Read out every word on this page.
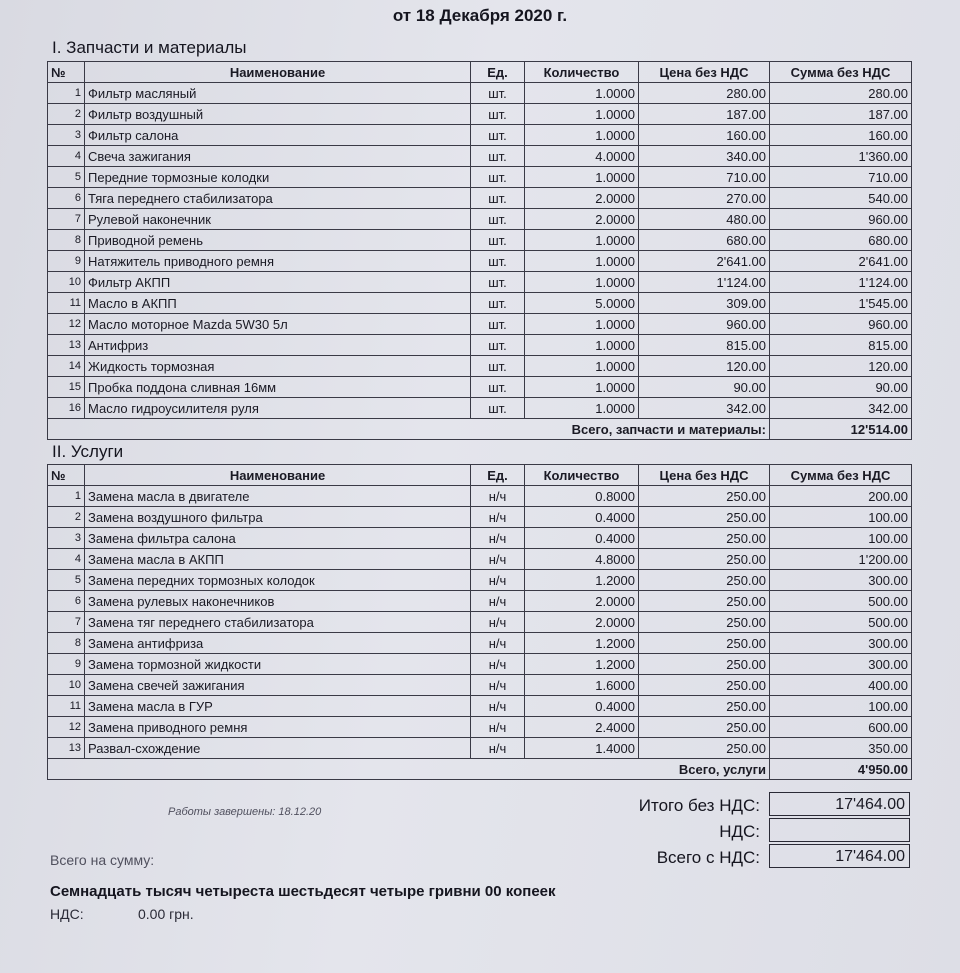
от 18 Декабря 2020 г.
I. Запчасти и материалы
№	Наименование	Ед.	Количество	Цена без НДС	Сумма без НДС
1	Фильтр масляный	шт.	1.0000	280.00	280.00
2	Фильтр воздушный	шт.	1.0000	187.00	187.00
3	Фильтр салона	шт.	1.0000	160.00	160.00
4	Свеча зажигания	шт.	4.0000	340.00	1'360.00
5	Передние тормозные колодки	шт.	1.0000	710.00	710.00
6	Тяга переднего стабилизатора	шт.	2.0000	270.00	540.00
7	Рулевой наконечник	шт.	2.0000	480.00	960.00
8	Приводной ремень	шт.	1.0000	680.00	680.00
9	Натяжитель приводного ремня	шт.	1.0000	2'641.00	2'641.00
10	Фильтр АКПП	шт.	1.0000	1'124.00	1'124.00
11	Масло в АКПП	шт.	5.0000	309.00	1'545.00
12	Масло моторное Mazda 5W30 5л	шт.	1.0000	960.00	960.00
13	Антифриз	шт.	1.0000	815.00	815.00
14	Жидкость тормозная	шт.	1.0000	120.00	120.00
15	Пробка поддона сливная 16мм	шт.	1.0000	90.00	90.00
16	Масло гидроусилителя руля	шт.	1.0000	342.00	342.00
Всего, запчасти и материалы:					12'514.00
II. Услуги
№	Наименование	Ед.	Количество	Цена без НДС	Сумма без НДС
1	Замена масла в двигателе	н/ч	0.8000	250.00	200.00
2	Замена воздушного фильтра	н/ч	0.4000	250.00	100.00
3	Замена фильтра салона	н/ч	0.4000	250.00	100.00
4	Замена масла в АКПП	н/ч	4.8000	250.00	1'200.00
5	Замена передних тормозных колодок	н/ч	1.2000	250.00	300.00
6	Замена рулевых наконечников	н/ч	2.0000	250.00	500.00
7	Замена тяг переднего стабилизатора	н/ч	2.0000	250.00	500.00
8	Замена антифриза	н/ч	1.2000	250.00	300.00
9	Замена тормозной жидкости	н/ч	1.2000	250.00	300.00
10	Замена свечей зажигания	н/ч	1.6000	250.00	400.00
11	Замена масла в ГУР	н/ч	0.4000	250.00	100.00
12	Замена приводного ремня	н/ч	2.4000	250.00	600.00
13	Развал-схождение	н/ч	1.4000	250.00	350.00
Всего, услуги					4'950.00
Работы завершены: 18.12.20	Итого без НДС:	17'464.00
НДС:
Всего с НДС:	17'464.00
Всего на сумму:
Семнадцать тысяч четыреста шестьдесят четыре гривни 00 копеек
НДС:	0.00 грн.
